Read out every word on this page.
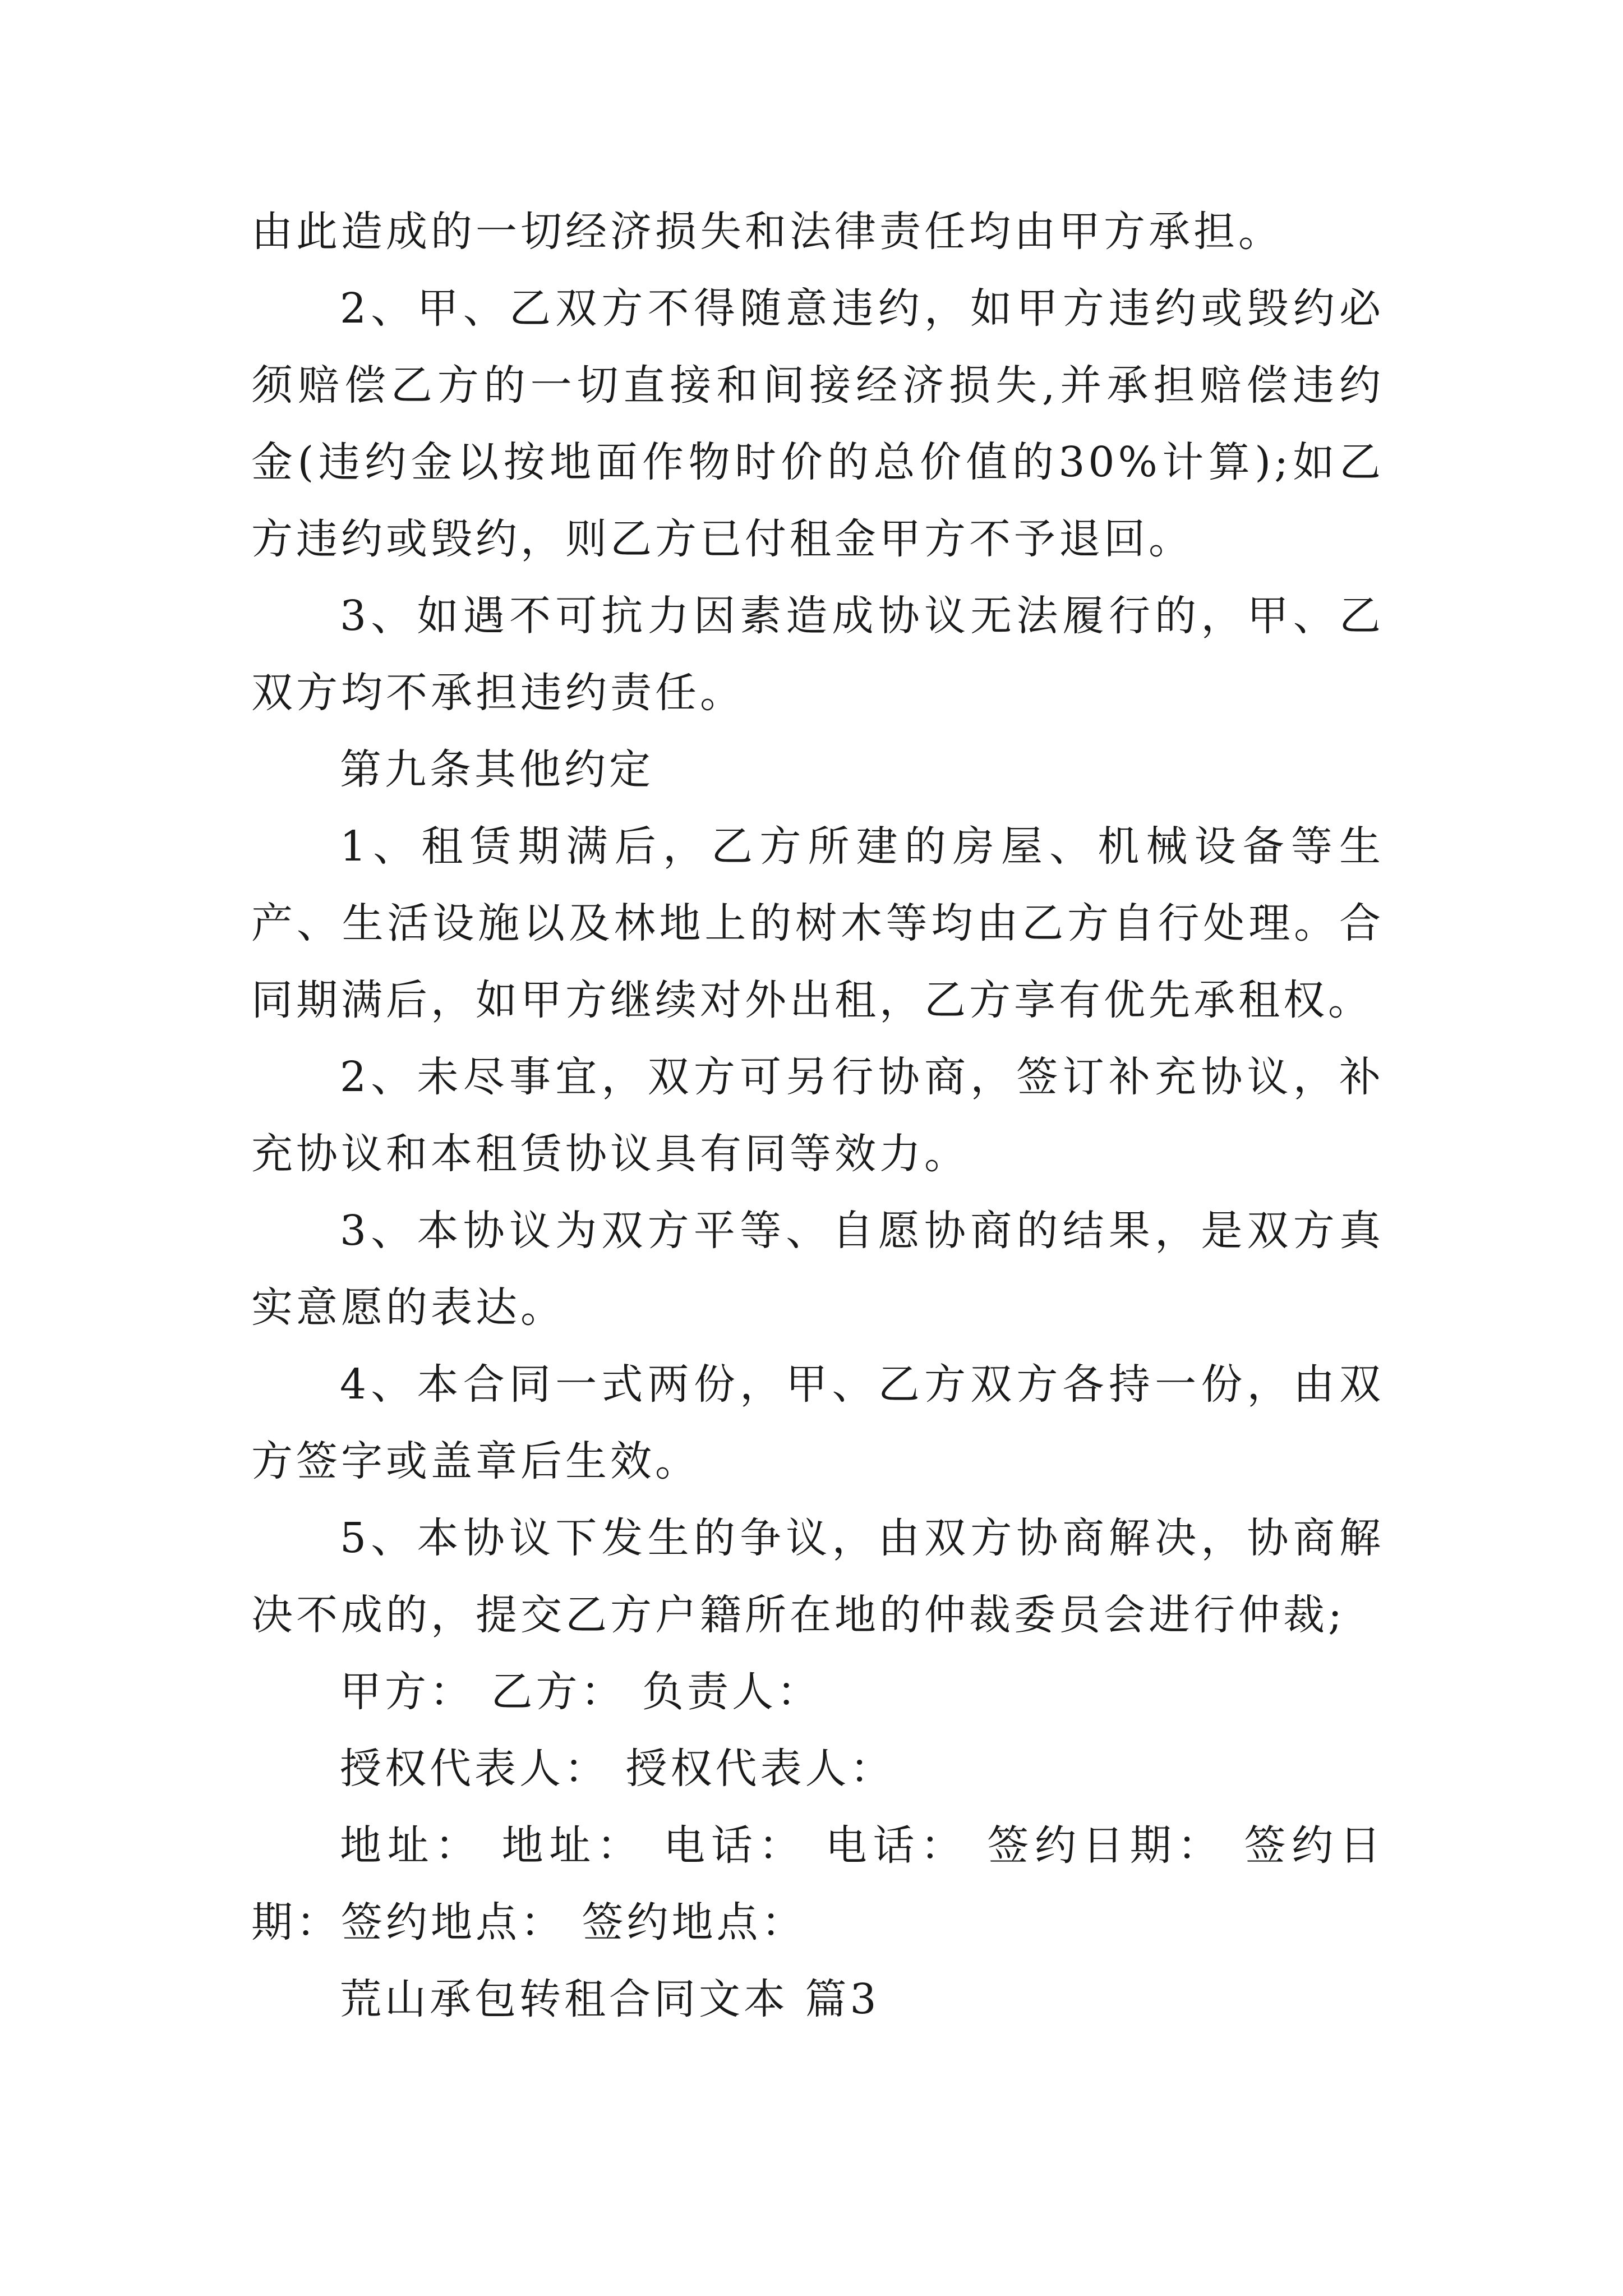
由此造成的一切经济损失和法律责任均由甲方承担。

2、甲、乙双方不得随意违约，如甲方违约或毁约必须赔偿乙方的一切直接和间接经济损失,并承担赔偿违约金(违约金以按地面作物时价的总价值的30%计算);如乙方违约或毁约，则乙方已付租金甲方不予退回。

3、如遇不可抗力因素造成协议无法履行的，甲、乙双方均不承担违约责任。

第九条其他约定

1、租赁期满后，乙方所建的房屋、机械设备等生产、生活设施以及林地上的树木等均由乙方自行处理。合同期满后，如甲方继续对外出租，乙方享有优先承租权。

2、未尽事宜，双方可另行协商，签订补充协议，补充协议和本租赁协议具有同等效力。

3、本协议为双方平等、自愿协商的结果，是双方真实意愿的表达。

4、本合同一式两份，甲、乙方双方各持一份，由双方签字或盖章后生效。

5、本协议下发生的争议，由双方协商解决，协商解决不成的，提交乙方户籍所在地的仲裁委员会进行仲裁;

甲方： 乙方： 负责人：

授权代表人： 授权代表人：

地址： 地址： 电话： 电话： 签约日期： 签约日期：签约地点： 签约地点：

荒山承包转租合同文本 篇3
